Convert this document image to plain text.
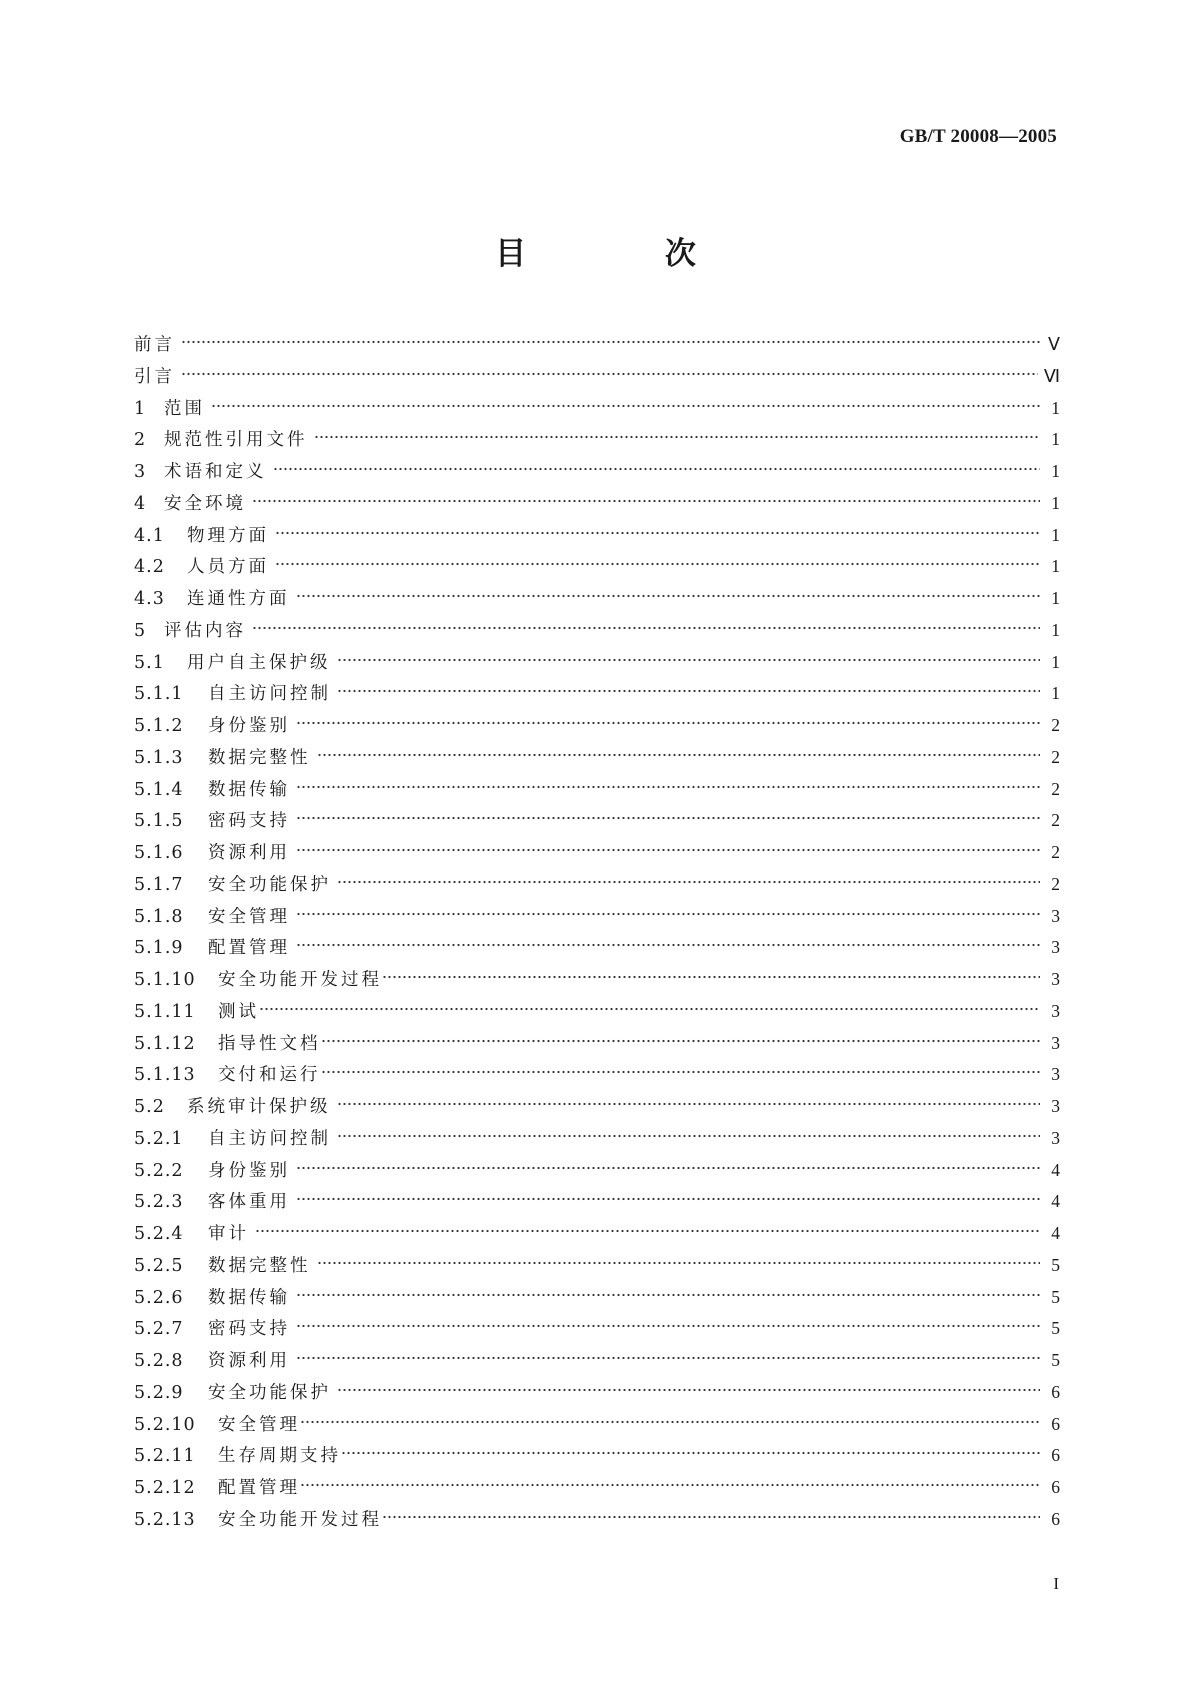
GB/T 20008—2005
目 次
前言	Ⅴ
引言	Ⅵ
1	范围	1
2	规范性引用文件	1
3	术语和定义	1
4	安全环境	1
4.1	物理方面	1
4.2	人员方面	1
4.3	连通性方面	1
5	评估内容	1
5.1	用户自主保护级	1
5.1.1	自主访问控制	1
5.1.2	身份鉴别	2
5.1.3	数据完整性	2
5.1.4	数据传输	2
5.1.5	密码支持	2
5.1.6	资源利用	2
5.1.7	安全功能保护	2
5.1.8	安全管理	3
5.1.9	配置管理	3
5.1.10	安全功能开发过程	3
5.1.11	测试	3
5.1.12	指导性文档	3
5.1.13	交付和运行	3
5.2	系统审计保护级	3
5.2.1	自主访问控制	3
5.2.2	身份鉴别	4
5.2.3	客体重用	4
5.2.4	审计	4
5.2.5	数据完整性	5
5.2.6	数据传输	5
5.2.7	密码支持	5
5.2.8	资源利用	5
5.2.9	安全功能保护	6
5.2.10	安全管理	6
5.2.11	生存周期支持	6
5.2.12	配置管理	6
5.2.13	安全功能开发过程	6
I
